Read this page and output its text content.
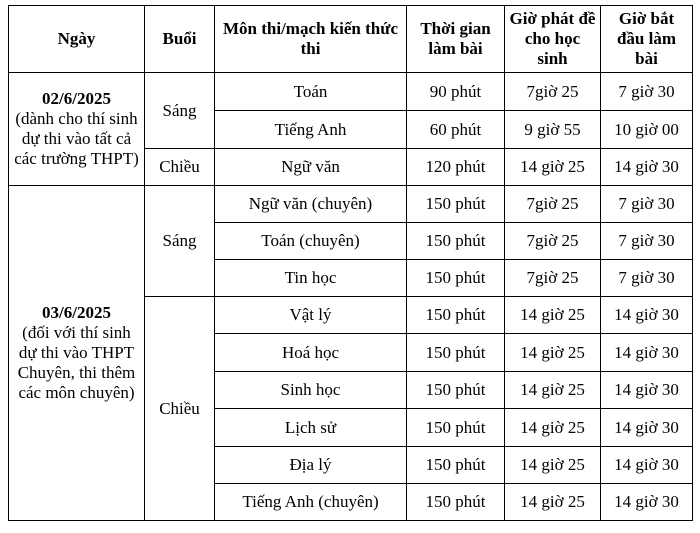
Ngày	Buổi	Môn thi/mạch kiến thức thi	Thời gian làm bài	Giờ phát đề cho học sinh	Giờ bắt đầu làm bài

02/6/2025
(dành cho thí sinh dự thi vào tất cả các trường THPT)	Sáng	Toán	90 phút	7giờ 25	7 giờ 30
		Tiếng Anh	60 phút	9 giờ 55	10 giờ 00
	Chiều	Ngữ văn	120 phút	14 giờ 25	14 giờ 30

03/6/2025
(đối với thí sinh dự thi vào THPT Chuyên, thi thêm các môn chuyên)	Sáng	Ngữ văn (chuyên)	150 phút	7giờ 25	7 giờ 30
		Toán (chuyên)	150 phút	7giờ 25	7 giờ 30
		Tin học	150 phút	7giờ 25	7 giờ 30
	Chiều	Vật lý	150 phút	14 giờ 25	14 giờ 30
		Hoá học	150 phút	14 giờ 25	14 giờ 30
		Sinh học	150 phút	14 giờ 25	14 giờ 30
		Lịch sử	150 phút	14 giờ 25	14 giờ 30
		Địa lý	150 phút	14 giờ 25	14 giờ 30
		Tiếng Anh (chuyên)	150 phút	14 giờ 25	14 giờ 30
